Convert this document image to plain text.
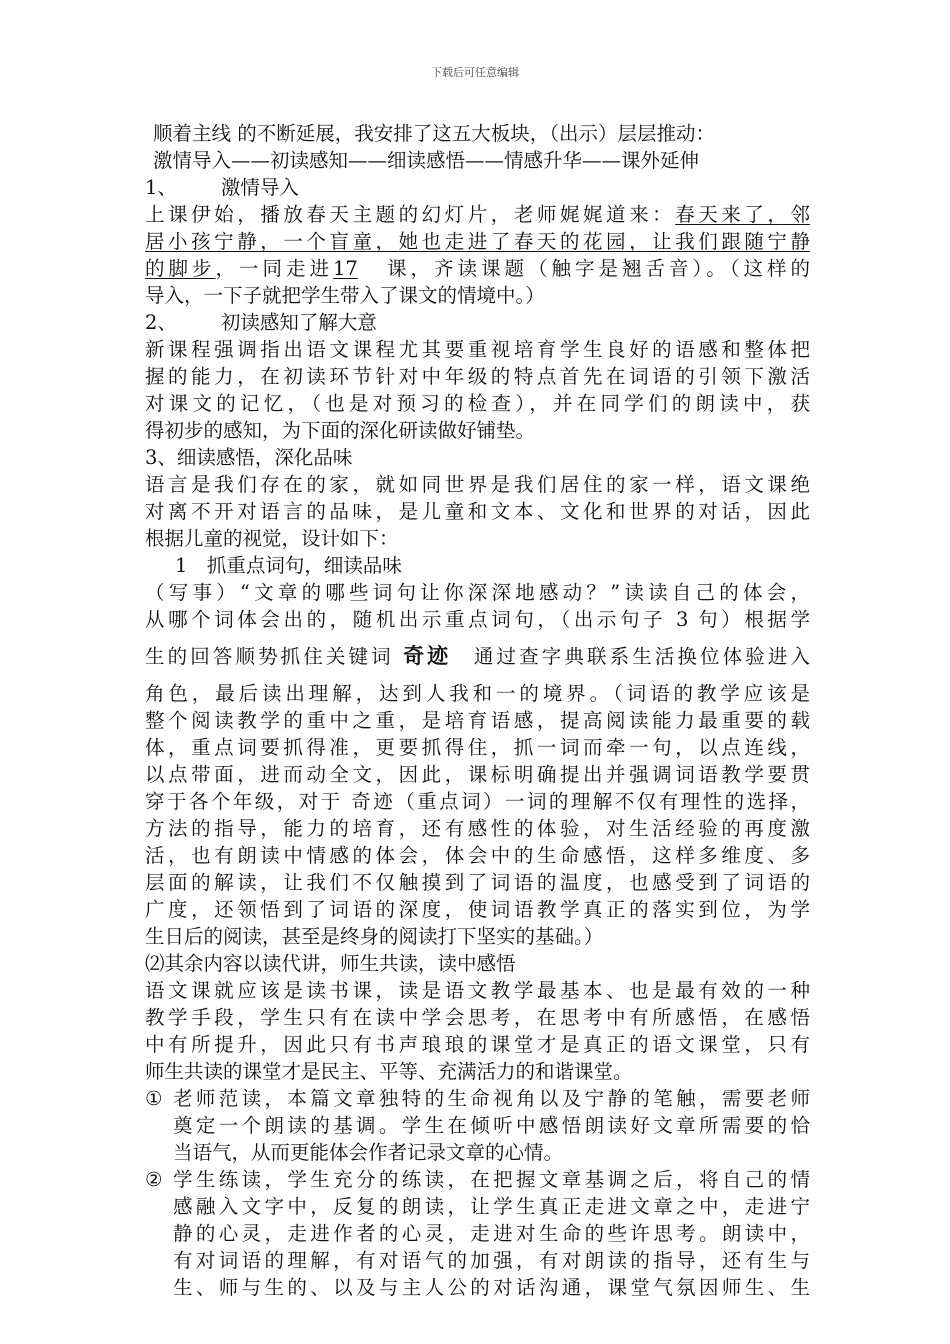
下载后可任意编辑
顺着主线 的不断延展，我安排了这五大板块，（出示）层层推动：
激情导入——初读感知——细读感悟——情感升华——课外延伸
1、 激情导入
上课伊始，播放春天主题的幻灯片，老师娓娓道来：春天来了，邻
居小孩宁静，一个盲童，她也走进了春天的花园，让我们跟随宁静
的脚步，一同走进17 课，齐读课题（触字是翘舌音）。（这样的
导入，一下子就把学生带入了课文的情境中。）
2、 初读感知了解大意
新课程强调指出语文课程尤其要重视培育学生良好的语感和整体把
握的能力，在初读环节针对中年级的特点首先在词语的引领下激活
对课文的记忆，（也是对预习的检查），并在同学们的朗读中，获
得初步的感知，为下面的深化研读做好铺垫。
3、细读感悟，深化品味
语言是我们存在的家，就如同世界是我们居住的家一样，语文课绝
对离不开对语言的品味，是儿童和文本、文化和世界的对话，因此
根据儿童的视觉，设计如下：
1　抓重点词句，细读品味
（写事）“文章的哪些词句让你深深地感动？”读读自己的体会，
从哪个词体会出的，随机出示重点词句，（出示句子 3 句）根据学
生的回答顺势抓住关键词 奇迹　通过查字典联系生活换位体验进入
角色，最后读出理解，达到人我和一的境界。（词语的教学应该是
整个阅读教学的重中之重，是培育语感，提高阅读能力最重要的载
体，重点词要抓得准，更要抓得住，抓一词而牵一句，以点连线，
以点带面，进而动全文，因此，课标明确提出并强调词语教学要贯
穿于各个年级，对于 奇迹（重点词）一词的理解不仅有理性的选择，
方法的指导，能力的培育，还有感性的体验，对生活经验的再度激
活，也有朗读中情感的体会，体会中的生命感悟，这样多维度、多
层面的解读，让我们不仅触摸到了词语的温度，也感受到了词语的
广度，还领悟到了词语的深度，使词语教学真正的落实到位，为学
生日后的阅读，甚至是终身的阅读打下坚实的基础。）
⑵其余内容以读代讲，师生共读，读中感悟
语文课就应该是读书课，读是语文教学最基本、也是最有效的一种
教学手段，学生只有在读中学会思考，在思考中有所感悟，在感悟
中有所提升，因此只有书声琅琅的课堂才是真正的语文课堂，只有
师生共读的课堂才是民主、平等、充满活力的和谐课堂。
① 老师范读，本篇文章独特的生命视角以及宁静的笔触，需要老师
奠定一个朗读的基调。学生在倾听中感悟朗读好文章所需要的恰
当语气，从而更能体会作者记录文章的心情。
② 学生练读，学生充分的练读，在把握文章基调之后，将自己的情
感融入文字中，反复的朗读，让学生真正走进文章之中，走进宁
静的心灵，走进作者的心灵，走进对生命的些许思考。朗读中，
有对词语的理解，有对语气的加强，有对朗读的指导，还有生与
生、师与生的、以及与主人公的对话沟通，课堂气氛因师生、生
